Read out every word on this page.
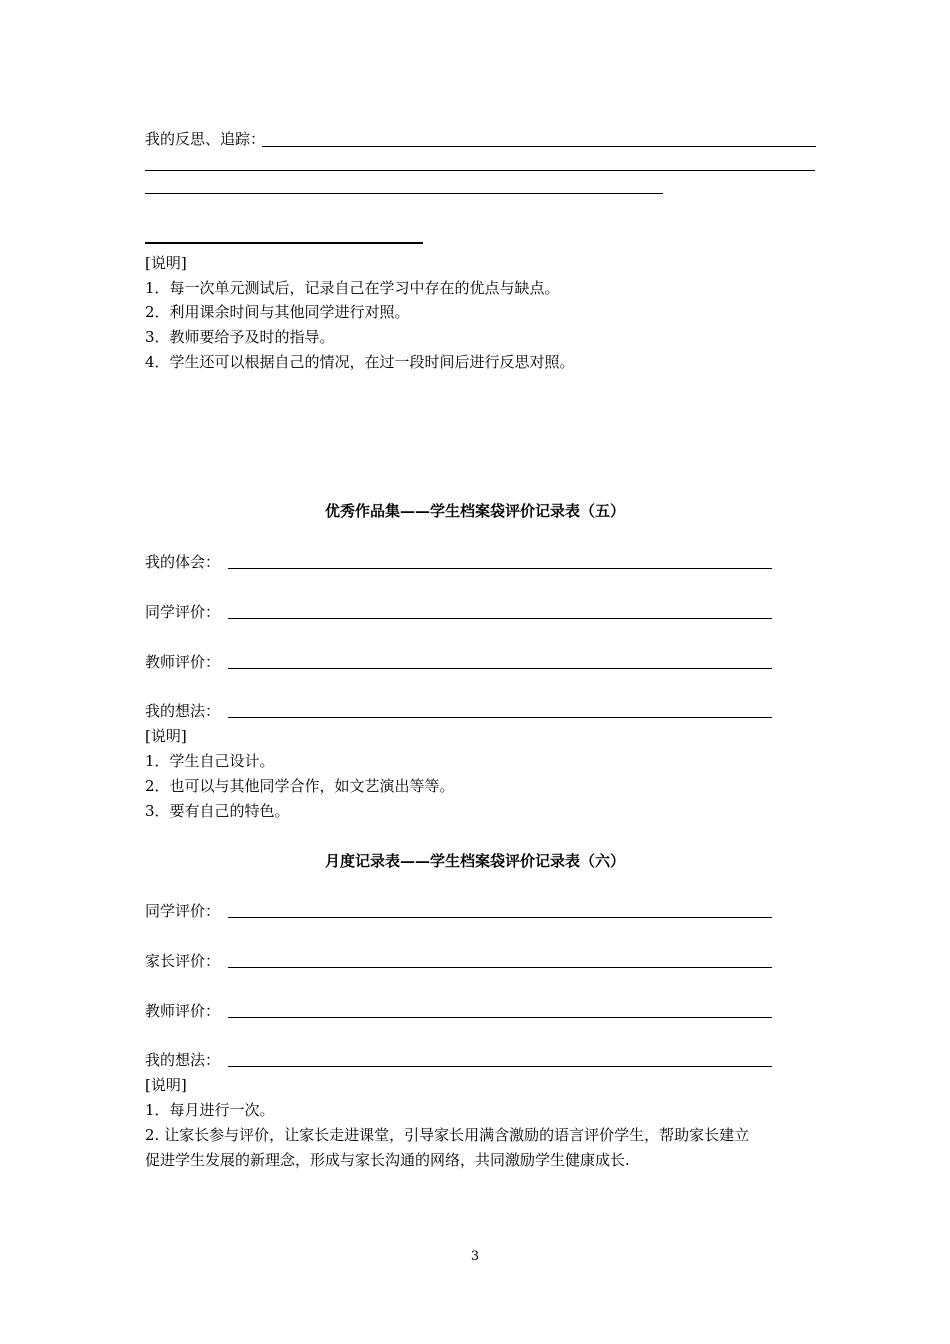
我的反思、追踪：
[说明]
1．每一次单元测试后，记录自己在学习中存在的优点与缺点。
2．利用课余时间与其他同学进行对照。
3．教师要给予及时的指导。
4．学生还可以根据自己的情况，在过一段时间后进行反思对照。
优秀作品集——学生档案袋评价记录表（五）
我的体会：
同学评价：
教师评价：
我的想法：
[说明]
1．学生自己设计。
2．也可以与其他同学合作，如文艺演出等等。
3．要有自己的特色。
月度记录表——学生档案袋评价记录表（六）
同学评价：
家长评价：
教师评价：
我的想法：
[说明]
1．每月进行一次。
2. 让家长参与评价，让家长走进课堂，引导家长用满含激励的语言评价学生，帮助家长建立
促进学生发展的新理念，形成与家长沟通的网络，共同激励学生健康成长.
3
